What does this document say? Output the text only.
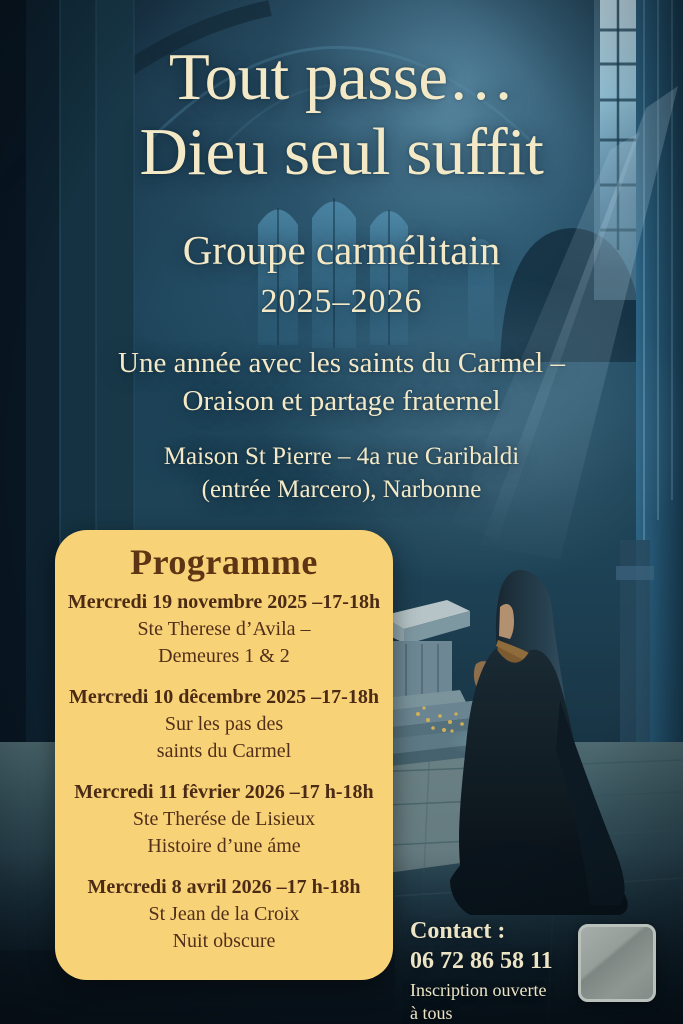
Tout passe…
Dieu seul suffit
Groupe carmélitain
2025–2026
Une année avec les saints du Carmel –
Oraison et partage fraternel
Maison St Pierre – 4a rue Garibaldi
(entrée Marcero), Narbonne
Programme
Mercredi 19 novembre 2025 –17-18h
Ste Therese d’Avila –
Demeures 1 & 2
Mercredi 10 dêcembre 2025 –17-18h
Sur les pas des
saints du Carmel
Mercredi 11 fêvrier 2026 –17 h-18h
Ste Therése de Lisieux
Histoire d’une áme
Mercredi 8 avril 2026 –17 h-18h
St Jean de la Croix
Nuit obscure	Contact :
06 72 86 58 11
Inscription ouverte
à tous
